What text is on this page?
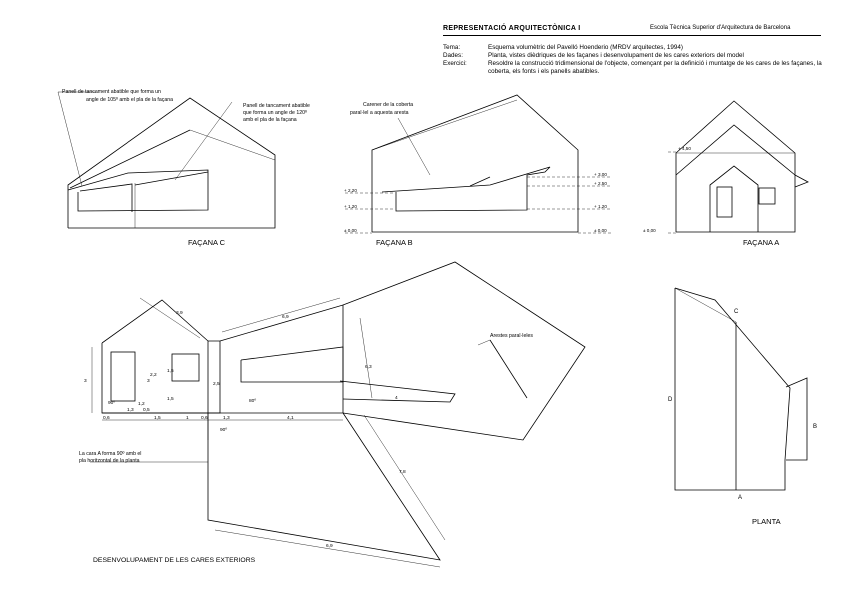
REPRESENTACIÓ ARQUITECTÒNICA I	Escola Tècnica Superior d'Arquitectura de Barcelona
Tema:	Esquema volumètric del Pavelló Hoenderio (MRDV arquitectes, 1994)
Dades:	Planta, vistes dièdriques de les façanes i desenvolupament de les cares exteriors del model
Exercici:	Resoldre la construcció tridimensional de l'objecte, començant per la definició i muntatge de les cares de les façanes, la coberta, els fonts i els panells abatibles.
FAÇANA C
Panell de tancament abatible que forma un
angle de 105º amb el pla de la façana
Panell de tancament abatible
que forma un angle de 120º
amb el pla de la façana
FAÇANA B
Carener de la coberta
paral·lel a aquesta aresta
+ 2,20
+ 1,20
± 0,00
+ 3,00
+ 2,50
+ 1,20
± 0,00
FAÇANA A
+ 4,50
± 0,00
PLANTA
A
B
C
D
DESENVOLUPAMENT DE LES CARES EXTERIORS
La cara A forma 90º amb el
pla horitzontal de la planta
Arestes paral·leles
3,9
3	3
2,2
1,5
1,5
1,2
0,6	1,5	1	0,6	1,3
0,5
2,5
1,3
4,1
6,9
6,3
4
7,8
6,9
90º	80º
90º
